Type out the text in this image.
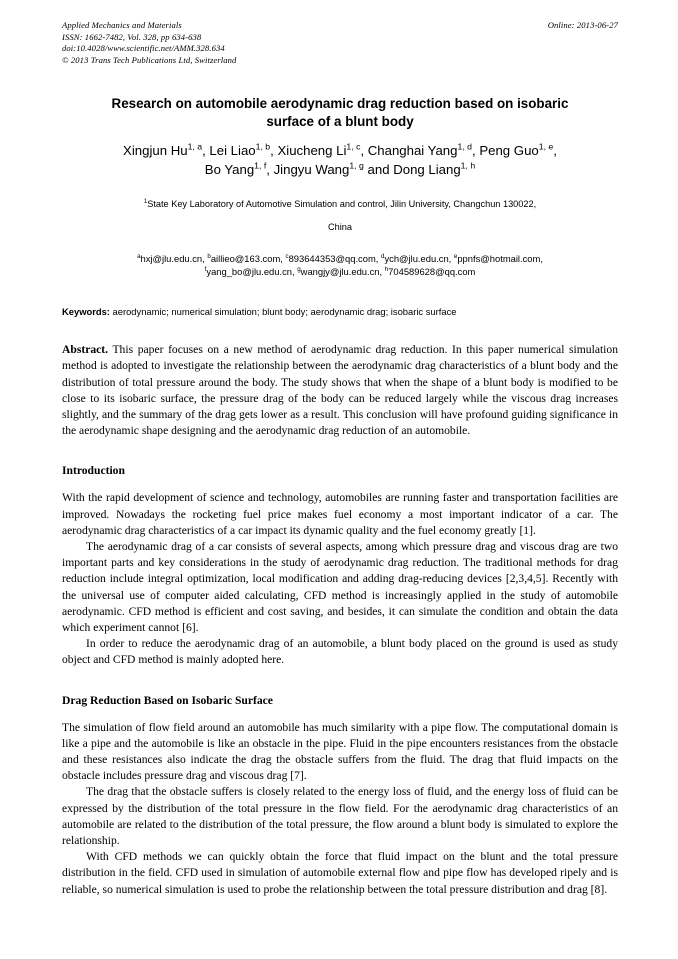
Applied Mechanics and Materials
ISSN: 1662-7482, Vol. 328, pp 634-638
doi:10.4028/www.scientific.net/AMM.328.634
© 2013 Trans Tech Publications Ltd, Switzerland
Online: 2013-06-27
Research on automobile aerodynamic drag reduction based on isobaric surface of a blunt body
Xingjun Hu$^{1, a}$, Lei Liao$^{1, b}$, Xiucheng Li$^{1, c}$, Changhai Yang$^{1, d}$, Peng Guo$^{1, e}$,
Bo Yang$^{1, f}$, Jingyu Wang$^{1, g}$ and Dong Liang$^{1, h}$
$^1$State Key Laboratory of Automotive Simulation and control, Jilin University, Changchun 130022,
China
$^a$hxj@jlu.edu.cn, $^b$aillieo@163.com, $^c$893644353@qq.com, $^d$ych@jlu.edu.cn, $^e$ppnfs@hotmail.com,
$^f$yang_bo@jlu.edu.cn, $^g$wangjy@jlu.edu.cn, $^h$704589628@qq.com
Keywords: aerodynamic; numerical simulation; blunt body; aerodynamic drag; isobaric surface
Abstract. This paper focuses on a new method of aerodynamic drag reduction. In this paper numerical simulation method is adopted to investigate the relationship between the aerodynamic drag characteristics of a blunt body and the distribution of total pressure around the body. The study shows that when the shape of a blunt body is modified to be close to its isobaric surface, the pressure drag of the body can be reduced largely while the viscous drag increases slightly, and the summary of the drag gets lower as a result. This conclusion will have profound guiding significance in the aerodynamic shape designing and the aerodynamic drag reduction of an automobile.
Introduction

With the rapid development of science and technology, automobiles are running faster and transportation facilities are improved. Nowadays the rocketing fuel price makes fuel economy a most important indicator of a car. The aerodynamic drag characteristics of a car impact its dynamic quality and the fuel economy greatly [1].

The aerodynamic drag of a car consists of several aspects, among which pressure drag and viscous drag are two important parts and key considerations in the study of aerodynamic drag reduction. The traditional methods for drag reduction include integral optimization, local modification and adding drag-reducing devices [2,3,4,5]. Recently with the universal use of computer aided calculating, CFD method is increasingly applied in the study of automobile aerodynamic. CFD method is efficient and cost saving, and besides, it can simulate the condition and obtain the data which experiment cannot [6].

In order to reduce the aerodynamic drag of an automobile, a blunt body placed on the ground is used as study object and CFD method is mainly adopted here.

Drag Reduction Based on Isobaric Surface

The simulation of flow field around an automobile has much similarity with a pipe flow. The computational domain is like a pipe and the automobile is like an obstacle in the pipe. Fluid in the pipe encounters resistances from the obstacle and these resistances also indicate the drag the obstacle suffers from the fluid. The drag that fluid impacts on the obstacle includes pressure drag and viscous drag [7].

The drag that the obstacle suffers is closely related to the energy loss of fluid, and the energy loss of fluid can be expressed by the distribution of the total pressure in the flow field. For the aerodynamic drag characteristics of an automobile are related to the distribution of the total pressure, the flow around a blunt body is simulated to explore the relationship.

With CFD methods we can quickly obtain the force that fluid impact on the blunt and the total pressure distribution in the field. CFD used in simulation of automobile external flow and pipe flow has developed ripely and is reliable, so numerical simulation is used to probe the relationship between the total pressure distribution and drag [8].
